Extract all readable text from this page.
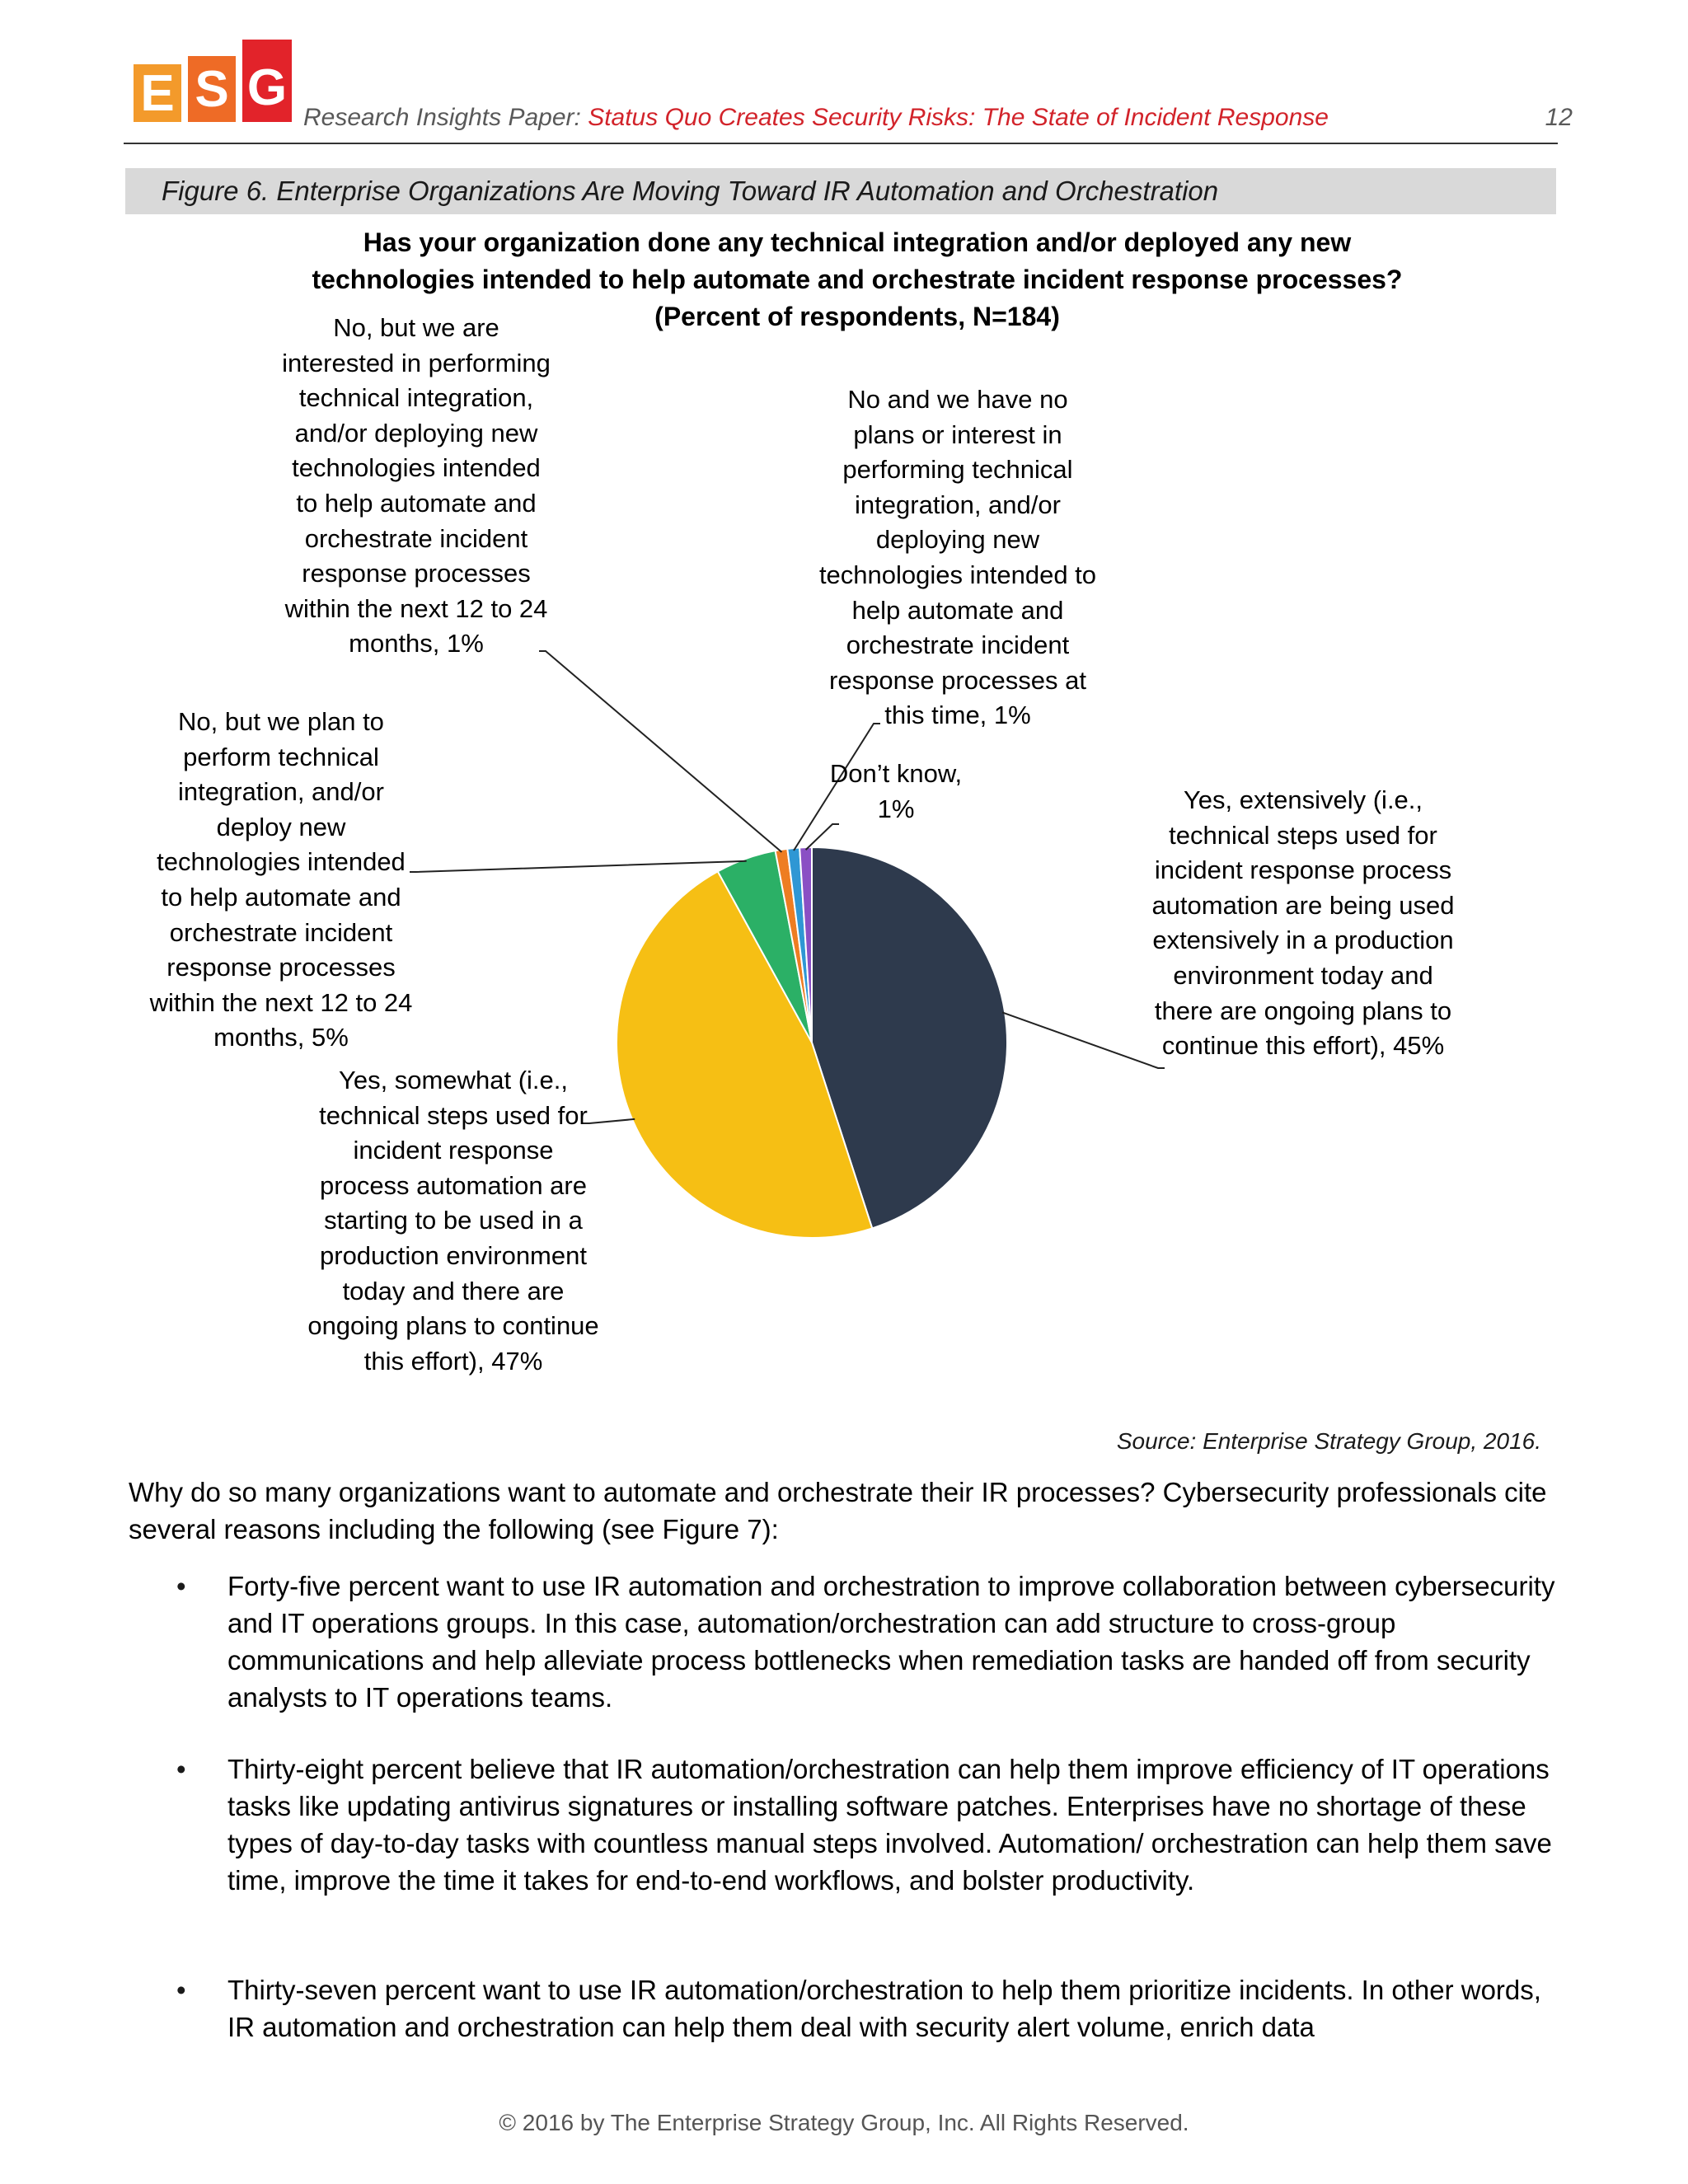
E S G
Research Insights Paper: Status Quo Creates Security Risks: The State of Incident Response	12
Figure 6. Enterprise Organizations Are Moving Toward IR Automation and Orchestration
Has your organization done any technical integration and/or deployed any new technologies intended to help automate and orchestrate incident response processes?
(Percent of respondents, N=184)
Yes, extensively (i.e., technical steps used for incident response process automation are being used extensively in a production environment today and there are ongoing plans to continue this effort), 45%
Yes, somewhat (i.e., technical steps used for incident response process automation are starting to be used in a production environment today and there are ongoing plans to continue this effort), 47%
No, but we plan to perform technical integration, and/or deploy new technologies intended to help automate and orchestrate incident response processes within the next 12 to 24 months, 5%
No, but we are interested in performing technical integration, and/or deploying new technologies intended to help automate and orchestrate incident response processes within the next 12 to 24 months, 1%
No and we have no plans or interest in performing technical integration, and/or deploying new technologies intended to help automate and orchestrate incident response processes at this time, 1%
Don’t know, 1%
Source: Enterprise Strategy Group, 2016.
Why do so many organizations want to automate and orchestrate their IR processes? Cybersecurity professionals cite several reasons including the following (see Figure 7):
• Forty-five percent want to use IR automation and orchestration to improve collaboration between cybersecurity and IT operations groups. In this case, automation/orchestration can add structure to cross-group communications and help alleviate process bottlenecks when remediation tasks are handed off from security analysts to IT operations teams.
• Thirty-eight percent believe that IR automation/orchestration can help them improve efficiency of IT operations tasks like updating antivirus signatures or installing software patches. Enterprises have no shortage of these types of day-to-day tasks with countless manual steps involved. Automation/ orchestration can help them save time, improve the time it takes for end-to-end workflows, and bolster productivity.
• Thirty-seven percent want to use IR automation/orchestration to help them prioritize incidents. In other words, IR automation and orchestration can help them deal with security alert volume, enrich data
© 2016 by The Enterprise Strategy Group, Inc. All Rights Reserved.
